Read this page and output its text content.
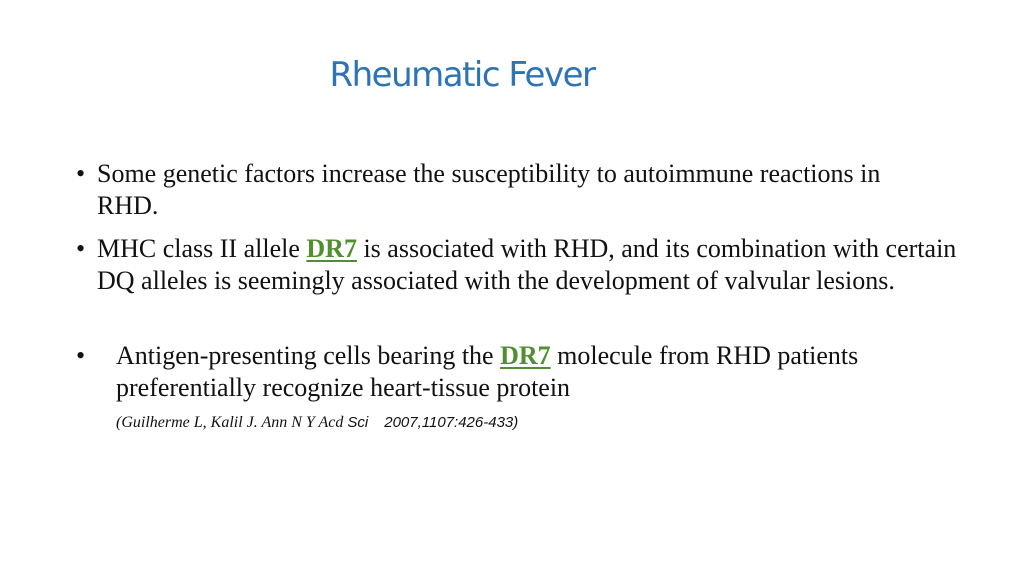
Rheumatic Fever
• Some genetic factors increase the susceptibility to autoimmune reactions in RHD.

• MHC class II allele DR7 is associated with RHD, and its combination with certain DQ alleles is seemingly associated with the development of valvular lesions.

• Antigen-presenting cells bearing the DR7 molecule from RHD patients preferentially recognize heart-tissue protein

(Guilherme L, Kalil J. Ann N Y Acd Sci 2007,1107:426-433)
